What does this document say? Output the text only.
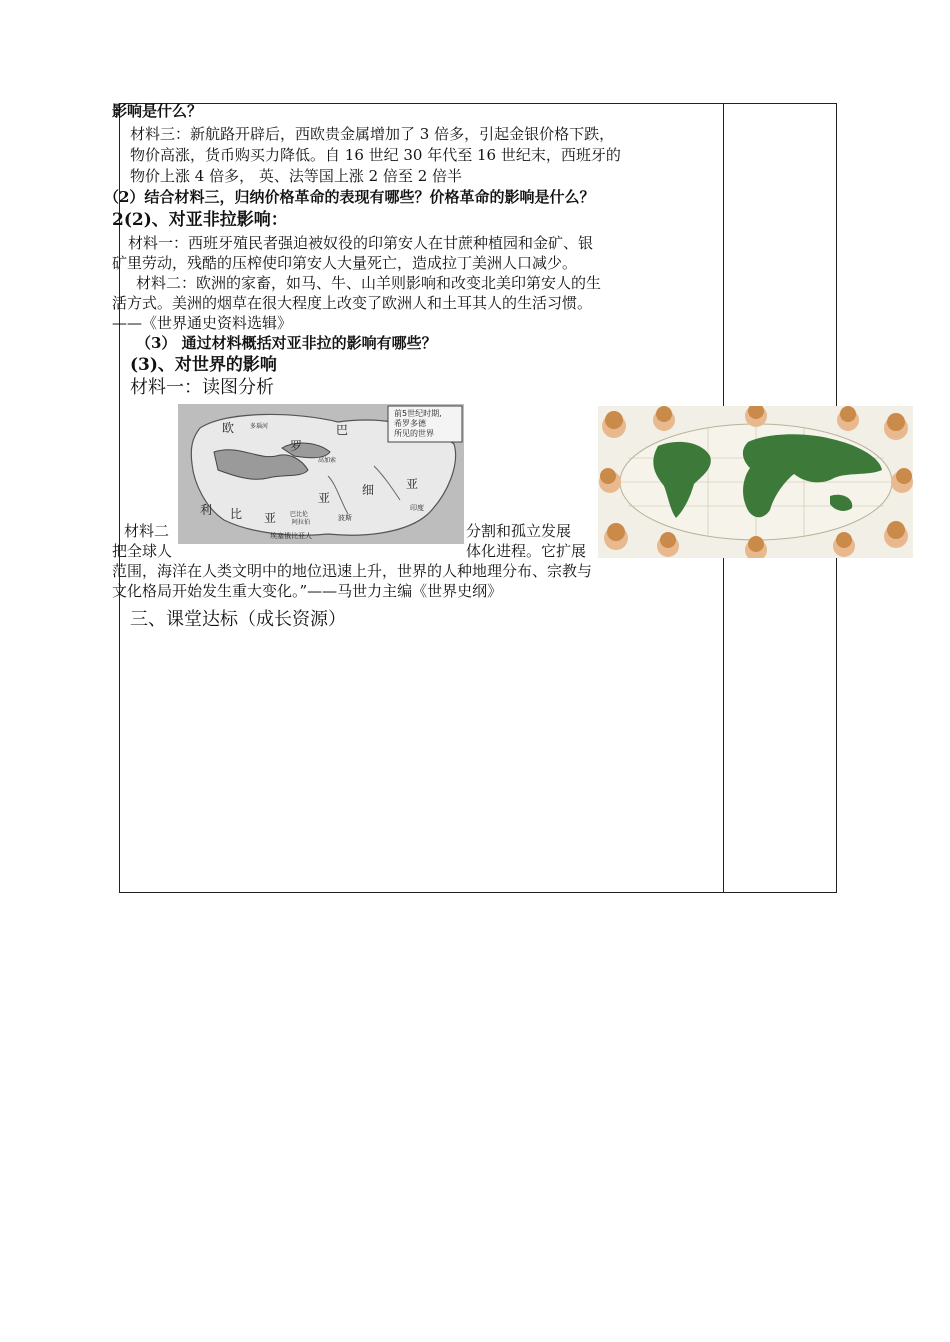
影响是什么？
材料三：新航路开辟后，西欧贵金属增加了 3 倍多，引起金银价格下跌，
物价高涨，货币购买力降低。自 16 世纪 30 年代至 16 世纪末，西班牙的
物价上涨 4 倍多， 英、法等国上涨 2 倍至 2 倍半
（2）结合材料三，归纳价格革命的表现有哪些？价格革命的影响是什么？
2(2)、对亚非拉影响：
材料一：西班牙殖民者强迫被奴役的印第安人在甘蔗种植园和金矿、银
矿里劳动，残酷的压榨使印第安人大量死亡，造成拉丁美洲人口减少。
材料二：欧洲的家畜，如马、牛、山羊则影响和改变北美印第安人的生
活方式。美洲的烟草在很大程度上改变了欧洲人和土耳其人的生活习惯。
——《世界通史资料选辑》
（3） 通过材料概括对亚非拉的影响有哪些？
(3)、对世界的影响
材料一：读图分析
材料二	分割和孤立发展
把全球人	体化进程。它扩展
范围，海洋在人类文明中的地位迅速上升，世界的人种地理分布、宗教与
文化格局开始发生重大变化。”——马世力主编《世界史纲》
三、课堂达标（成长资源）
前5世纪时期,
希罗多德
所见的世界
欧
罗
巴
亚
细	亚
利 比 亚
印度
埃塞俄比亚人
巴比伦
阿拉伯
波斯
多瑙河
高加索
